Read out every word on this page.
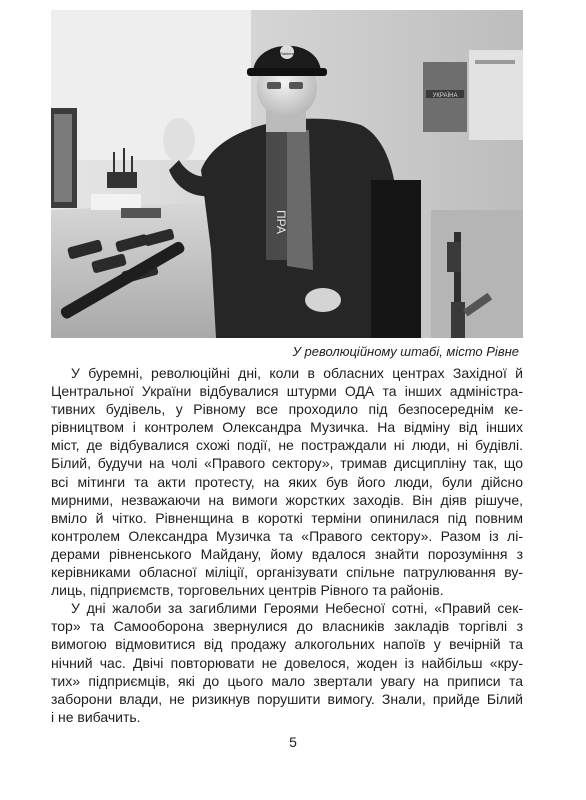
УКРАЇНА
ПРА
Raiders
У революційному штабі, місто Рівне
У буремні, революційні дні, коли в обласних центрах Західної й
Центральної України відбувалися штурми ОДА та інших адміністра-
тивних будівель, у Рівному все проходило під безпосереднім ке-
рівництвом і контролем Олександра Музичка. На відміну від інших
міст, де відбувалися схожі події, не постраждали ні люди, ні будівлі.
Білий, будучи на чолі «Правого сектору», тримав дисципліну так, що
всі мітинги та акти протесту, на яких був його люди, були дійсно
мирними, незважаючи на вимоги жорстких заходів. Він діяв рішуче,
вміло й чітко. Рівненщина в короткі терміни опинилася під повним
контролем Олександра Музичка та «Правого сектору». Разом із лі-
дерами рівненського Майдану, йому вдалося знайти порозуміння з
керівниками обласної міліції, організувати спільне патрулювання ву-
лиць, підприємств, торговельних центрів Рівного та районів.
У дні жалоби за загиблими Героями Небесної сотні, «Правий сек-
тор» та Самооборона звернулися до власників закладів торгівлі з
вимогою відмовитися від продажу алкогольних напоїв у вечірній та
нічний час. Двічі повторювати не довелося, жоден із найбільш «кру-
тих» підприємців, які до цього мало звертали увагу на приписи та
заборони влади, не ризикнув порушити вимогу. Знали, прийде Білий
і не вибачить.
5
